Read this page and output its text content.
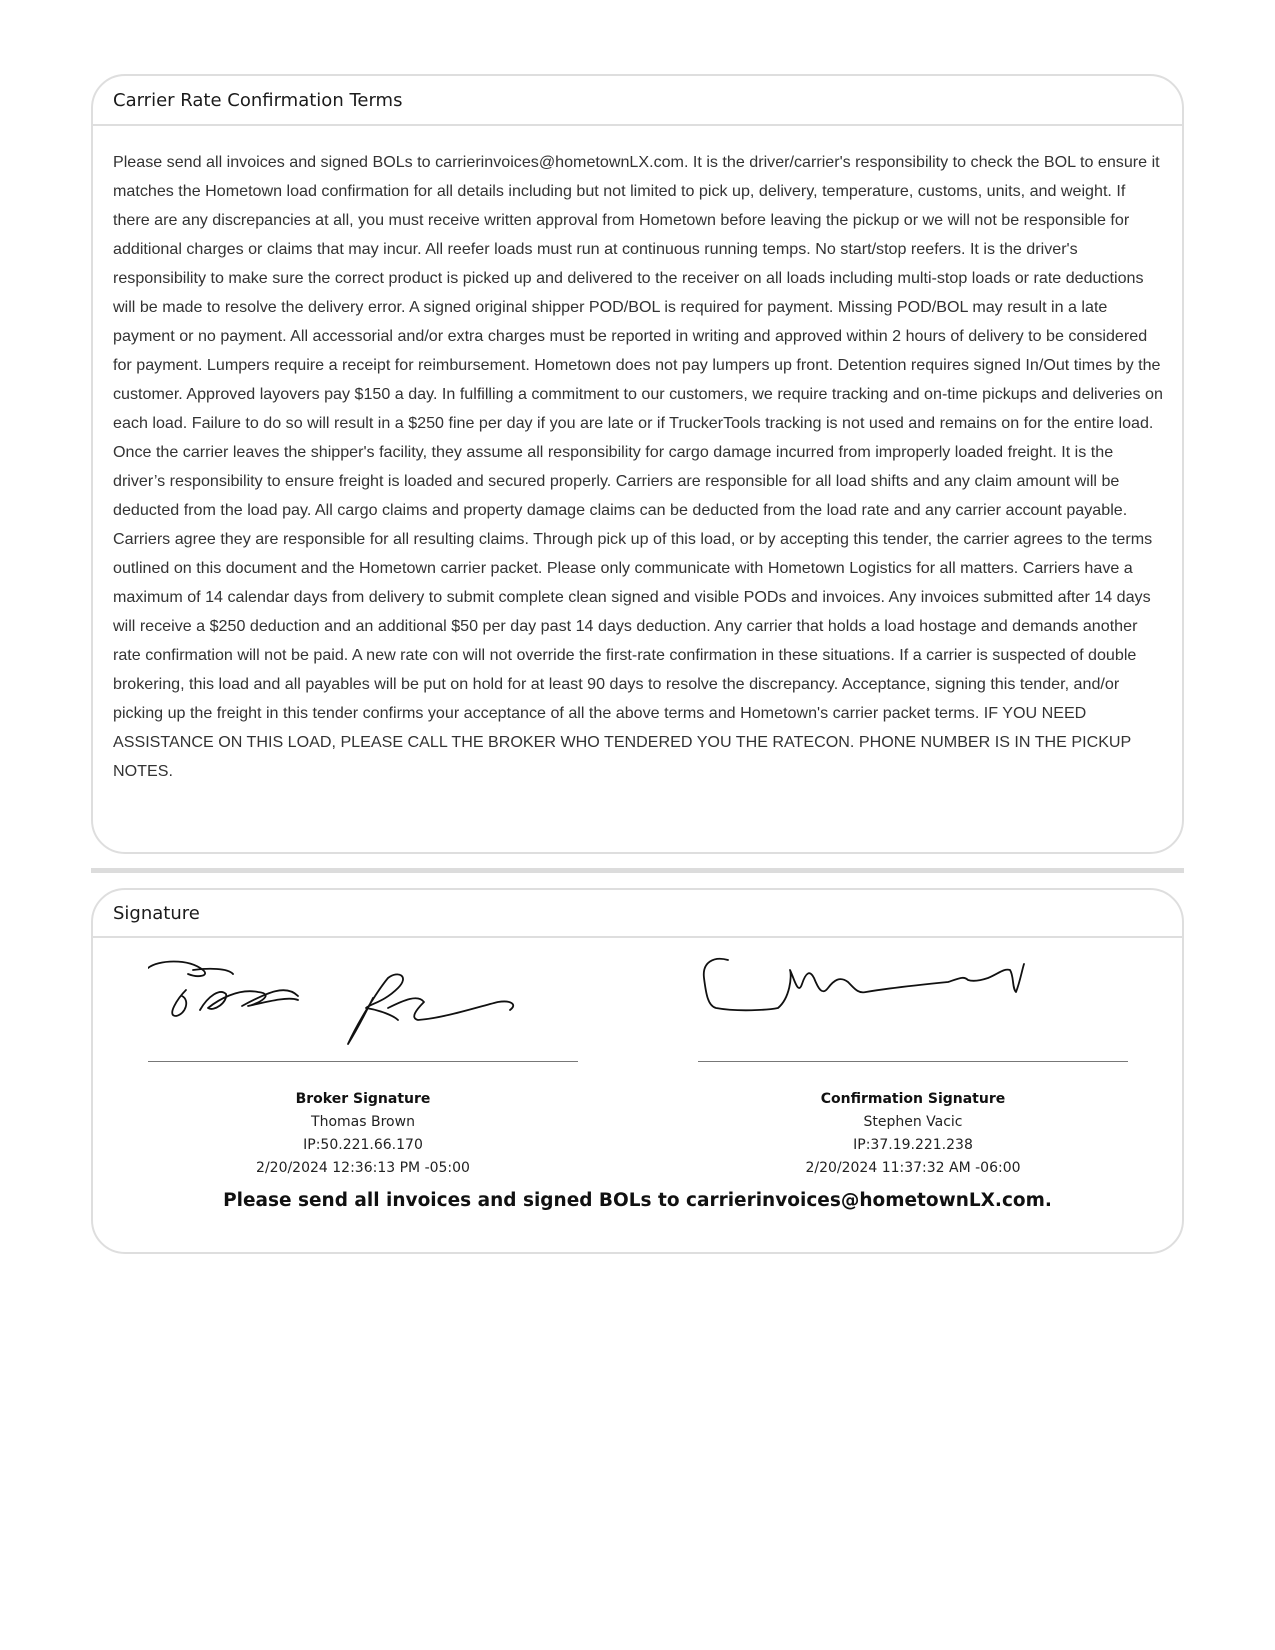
Carrier Rate Confirmation Terms
Please send all invoices and signed BOLs to carrierinvoices@hometownLX.com. It is the driver/carrier's responsibility to check the BOL to ensure it matches the Hometown load confirmation for all details including but not limited to pick up, delivery, temperature, customs, units, and weight. If there are any discrepancies at all, you must receive written approval from Hometown before leaving the pickup or we will not be responsible for additional charges or claims that may incur. All reefer loads must run at continuous running temps. No start/stop reefers. It is the driver's responsibility to make sure the correct product is picked up and delivered to the receiver on all loads including multi-stop loads or rate deductions will be made to resolve the delivery error. A signed original shipper POD/BOL is required for payment. Missing POD/BOL may result in a late payment or no payment. All accessorial and/or extra charges must be reported in writing and approved within 2 hours of delivery to be considered for payment. Lumpers require a receipt for reimbursement. Hometown does not pay lumpers up front. Detention requires signed In/Out times by the customer. Approved layovers pay $150 a day. In fulfilling a commitment to our customers, we require tracking and on-time pickups and deliveries on each load. Failure to do so will result in a $250 fine per day if you are late or if TruckerTools tracking is not used and remains on for the entire load. Once the carrier leaves the shipper's facility, they assume all responsibility for cargo damage incurred from improperly loaded freight. It is the driver’s responsibility to ensure freight is loaded and secured properly. Carriers are responsible for all load shifts and any claim amount will be deducted from the load pay. All cargo claims and property damage claims can be deducted from the load rate and any carrier account payable. Carriers agree they are responsible for all resulting claims. Through pick up of this load, or by accepting this tender, the carrier agrees to the terms outlined on this document and the Hometown carrier packet. Please only communicate with Hometown Logistics for all matters. Carriers have a maximum of 14 calendar days from delivery to submit complete clean signed and visible PODs and invoices. Any invoices submitted after 14 days will receive a $250 deduction and an additional $50 per day past 14 days deduction. Any carrier that holds a load hostage and demands another rate confirmation will not be paid. A new rate con will not override the first-rate confirmation in these situations. If a carrier is suspected of double brokering, this load and all payables will be put on hold for at least 90 days to resolve the discrepancy. Acceptance, signing this tender, and/or picking up the freight in this tender confirms your acceptance of all the above terms and Hometown's carrier packet terms. IF YOU NEED ASSISTANCE ON THIS LOAD, PLEASE CALL THE BROKER WHO TENDERED YOU THE RATECON. PHONE NUMBER IS IN THE PICKUP NOTES.
Signature
Broker Signature
Thomas Brown
IP:50.221.66.170
2/20/2024 12:36:13 PM -05:00
Confirmation Signature
Stephen Vacic
IP:37.19.221.238
2/20/2024 11:37:32 AM -06:00
Please send all invoices and signed BOLs to carrierinvoices@hometownLX.com.
